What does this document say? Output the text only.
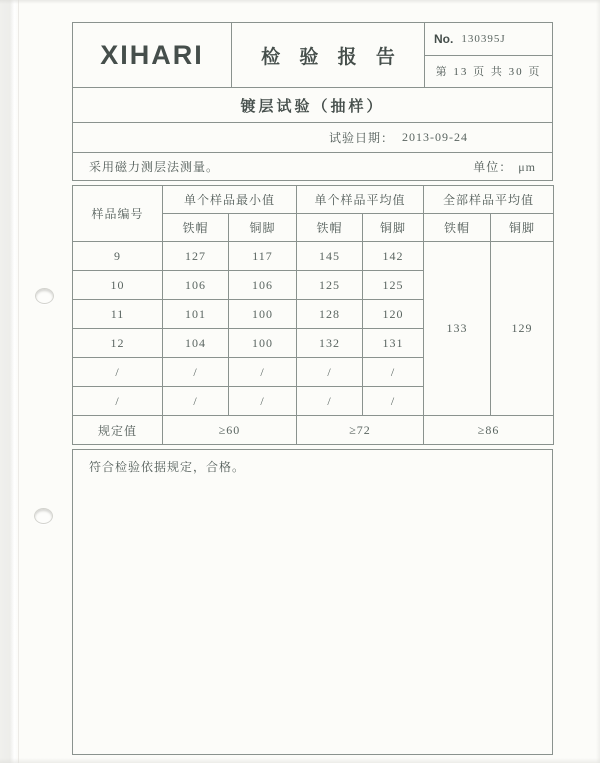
XIHARI	检 验 报 告
No. 130395J
第 13 页 共 30 页
镀层试验（抽样）
试验日期： 2013-09-24
采用磁力测层法测量。	单位： μm
样品编号	单个样品最小值		单个样品平均值		全部样品平均值	
	铁帽	铜脚	铁帽	铜脚	铁帽	铜脚
9	127	117	145	142	133	129
10	106	106	125	125		
11	101	100	128	120		
12	104	100	132	131		
/	/	/	/	/		
/	/	/	/	/		
规定值	≥60		≥72		≥86	

符合检验依据规定，合格。
